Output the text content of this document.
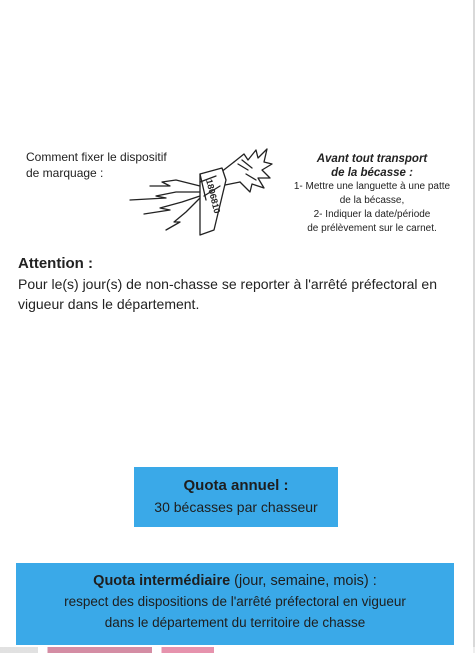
Comment fixer le dispositif de marquage :
1806810
Avant tout transport
de la bécasse :
1- Mettre une languette à une patte
de la bécasse,
2- Indiquer la date/période
de prélèvement sur le carnet.
Attention :
Pour le(s) jour(s) de non-chasse se reporter à l'arrêté préfectoral en vigueur dans le département.
Quota annuel :
30 bécasses par chasseur
Quota intermédiaire (jour, semaine, mois) :
respect des dispositions de l'arrêté préfectoral en vigueur
dans le département du territoire de chasse
